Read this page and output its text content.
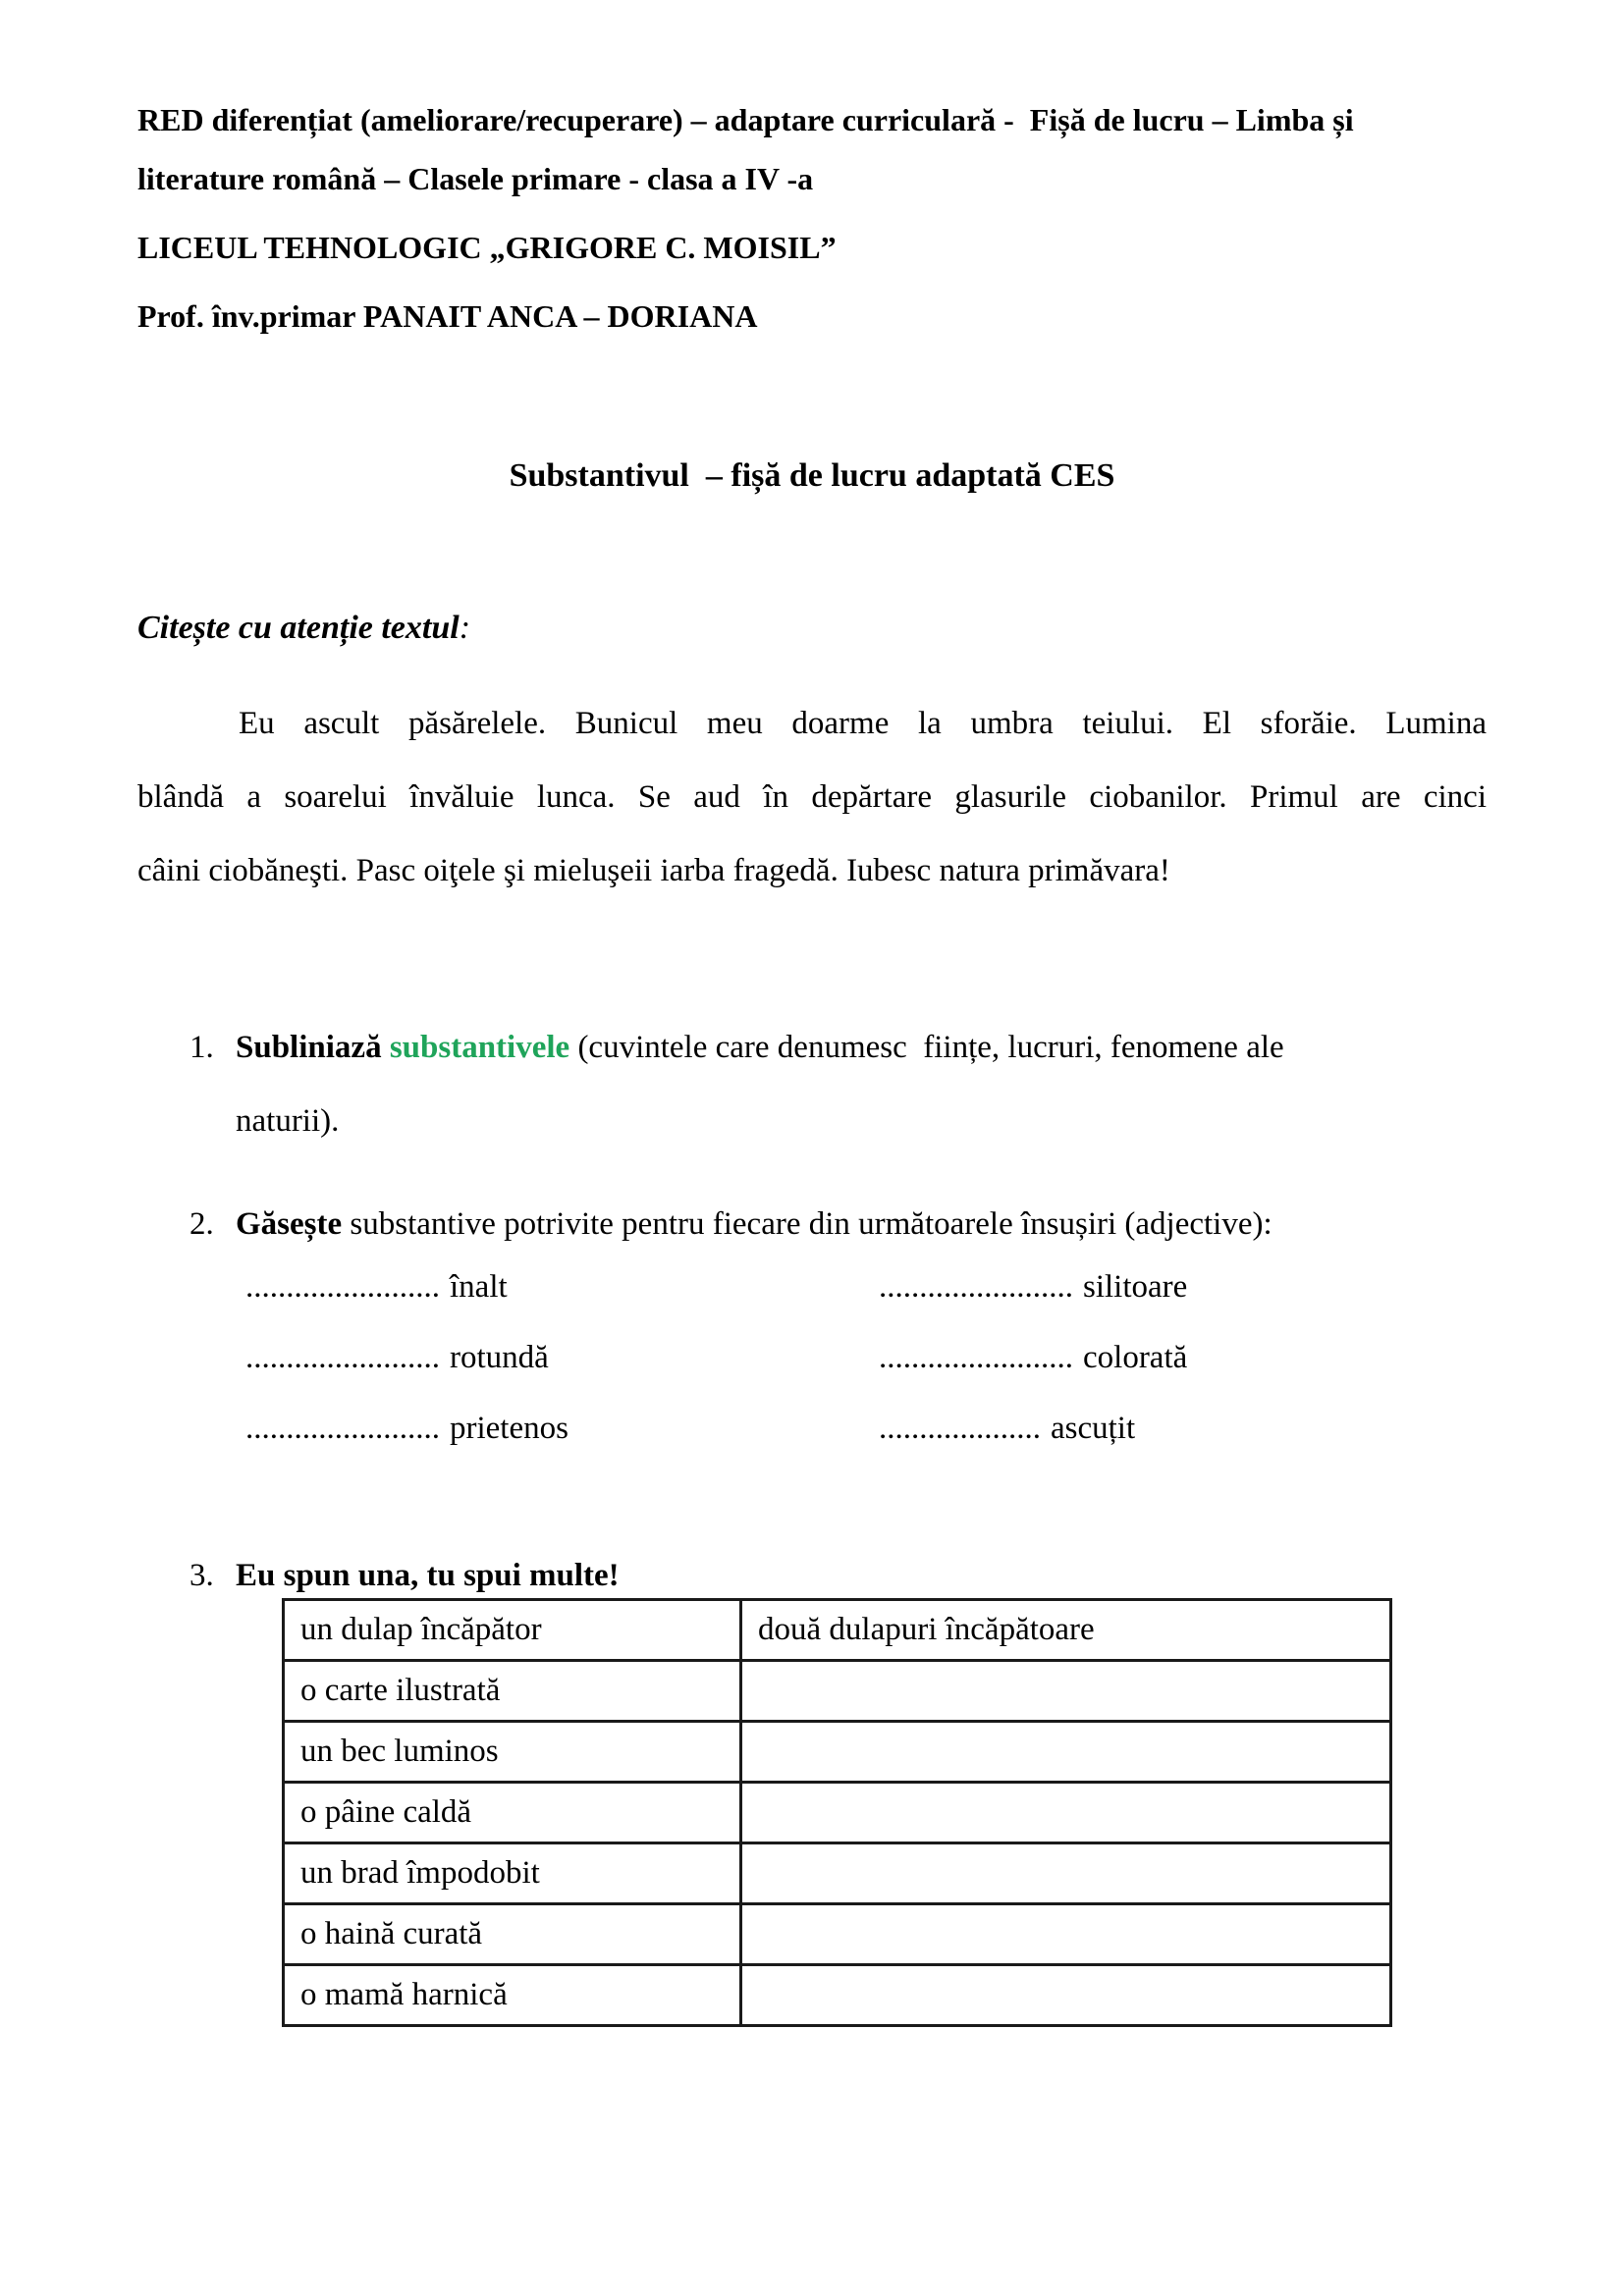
RED diferențiat (ameliorare/recuperare) – adaptare curriculară -  Fișă de lucru – Limba și
literature română – Clasele primare - clasa a IV -a

LICEUL TEHNOLOGIC „GRIGORE C. MOISIL”

Prof. înv.primar PANAIT ANCA – DORIANA

Substantivul  – fișă de lucru adaptată CES

Citește cu atenție textul:

Eu ascult păsărelele. Bunicul meu doarme la umbra teiului. El sforăie. Lumina
blândă a soarelui învăluie lunca. Se aud în depărtare glasurile ciobanilor. Primul are cinci
câini ciobăneşti. Pasc oiţele şi mieluşeii iarba fragedă. Iubesc natura primăvara!
1. Subliniază substantivele (cuvintele care denumesc  ființe, lucruri, fenomene ale
naturii).
2. Găsește substantive potrivite pentru fiecare din următoarele însușiri (adjective):
........................ înalt	........................ silitoare
........................ rotundă	........................ colorată
........................ prietenos	.................... ascuțit
3. Eu spun una, tu spui multe!
un dulap încăpător	două dulapuri încăpătoare
o carte ilustrată	
un bec luminos	
o pâine caldă	
un brad împodobit	
o haină curată	
o mamă harnică	
